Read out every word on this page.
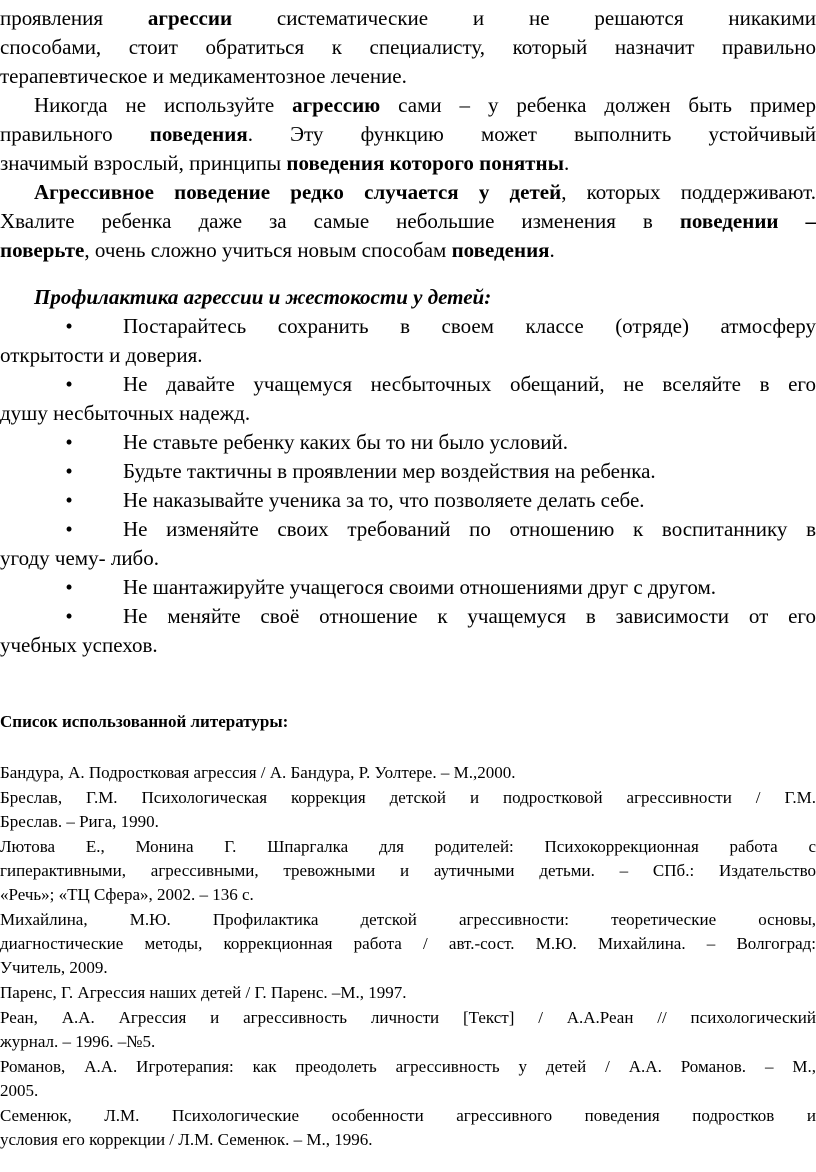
проявления агрессии систематические и не решаются никакими
способами, стоит обратиться к специалисту, который назначит правильно
терапевтическое и медикаментозное лечение.
Никогда не используйте агрессию сами – у ребенка должен быть пример
правильного поведения. Эту функцию может выполнить устойчивый
значимый взрослый, принципы поведения которого понятны.
Агрессивное поведение редко случается у детей, которых поддерживают.
Хвалите ребенка даже за самые небольшие изменения в поведении –
поверьте, очень сложно учиться новым способам поведения.
Профилактика агрессии и жестокости у детей:
• Постарайтесь сохранить в своем классе (отряде) атмосферу
открытости и доверия.
• Не давайте учащемуся несбыточных обещаний, не вселяйте в его
душу несбыточных надежд.
• Не ставьте ребенку каких бы то ни было условий.
• Будьте тактичны в проявлении мер воздействия на ребенка.
• Не наказывайте ученика за то, что позволяете делать себе.
• Не изменяйте своих требований по отношению к воспитаннику в
угоду чему- либо.
• Не шантажируйте учащегося своими отношениями друг с другом.
• Не меняйте своё отношение к учащемуся в зависимости от его
учебных успехов.
Список использованной литературы:
Бандура, А. Подростковая агрессия / А. Бандура, Р. Уолтере. – М.,2000.
Бреслав, Г.М. Психологическая коррекция детской и подростковой агрессивности / Г.М.
Бреслав. – Рига, 1990.
Лютова Е., Монина Г. Шпаргалка для родителей: Психокоррекционная работа с
гиперактивными, агрессивными, тревожными и аутичными детьми. – СПб.: Издательство
«Речь»; «ТЦ Сфера», 2002. – 136 с.
Михайлина, М.Ю. Профилактика детской агрессивности: теоретические основы,
диагностические методы, коррекционная работа / авт.-сост. М.Ю. Михайлина. – Волгоград:
Учитель, 2009.
Паренс, Г. Агрессия наших детей / Г. Паренс. –М., 1997.
Реан, А.А. Агрессия и агрессивность личности [Текст] / А.А.Реан // психологический
журнал. – 1996. –№5.
Романов, А.А. Игротерапия: как преодолеть агрессивность у детей / А.А. Романов. – М.,
2005.
Семенюк, Л.М. Психологические особенности агрессивного поведения подростков и
условия его коррекции / Л.М. Семенюк. – М., 1996.
